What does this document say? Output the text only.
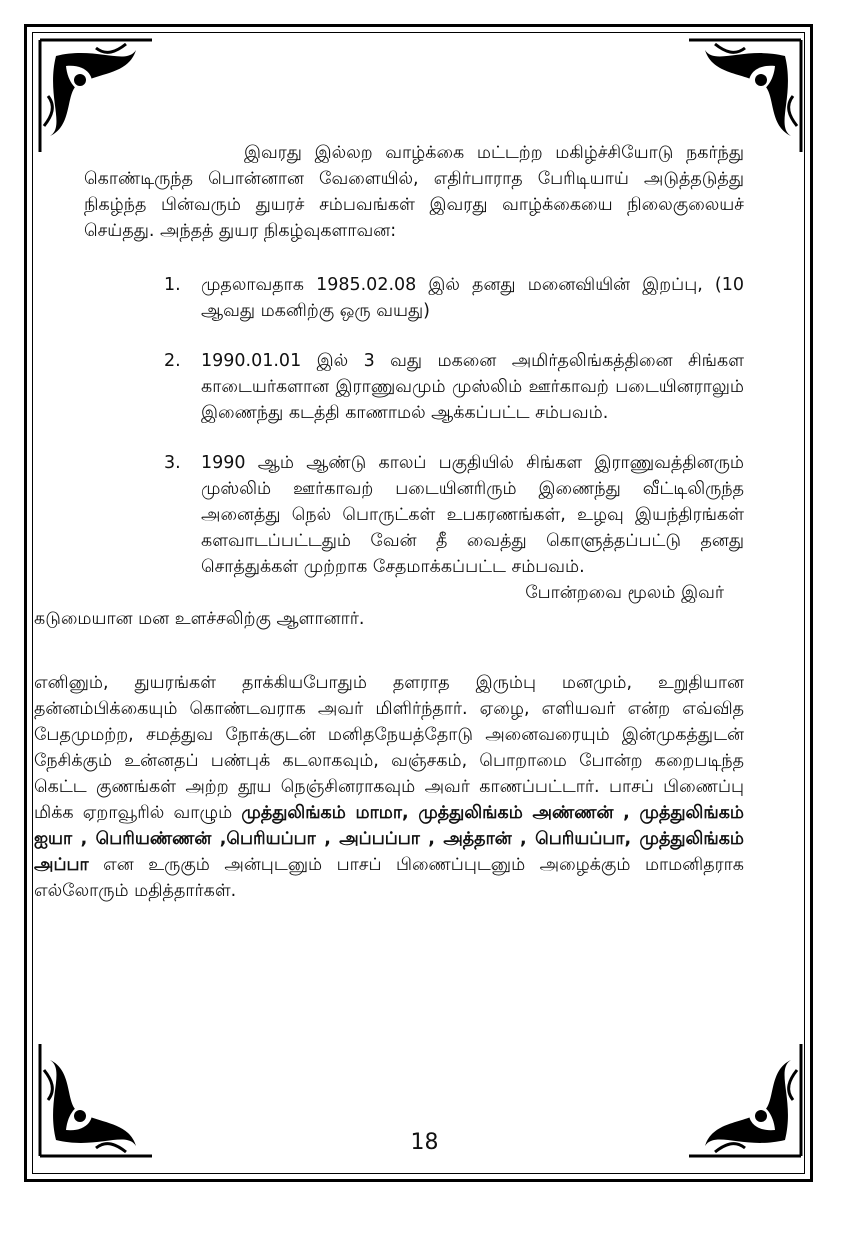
இவரது இல்லற வாழ்க்கை மட்டற்ற மகிழ்ச்சியோடு நகர்ந்து கொண்டிருந்த பொன்னான வேளையில், எதிர்பாராத பேரிடியாய் அடுத்தடுத்து நிகழ்ந்த பின்வரும் துயரச் சம்பவங்கள் இவரது வாழ்க்கையை நிலைகுலையச் செய்தது. அந்தத் துயர நிகழ்வுகளாவன:

1. முதலாவதாக 1985.02.08 இல் தனது மனைவியின் இறப்பு, (10 ஆவது மகனிற்கு ஒரு வயது)
2. 1990.01.01 இல் 3 வது மகனை அமிர்தலிங்கத்தினை சிங்கள காடையர்களான இராணுவமும் முஸ்லிம் ஊர்காவற் படையினராலும் இணைந்து கடத்தி காணாமல் ஆக்கப்பட்ட சம்பவம்.
3. 1990 ஆம் ஆண்டு காலப் பகுதியில் சிங்கள இராணுவத்தினரும் முஸ்லிம் ஊர்காவற் படையினரிரும் இணைந்து வீட்டிலிருந்த அனைத்து நெல் பொருட்கள் உபகரணங்கள், உழவு இயந்திரங்கள் களவாடப்பட்டதும் வேன் தீ வைத்து கொளுத்தப்பட்டு தனது சொத்துக்கள் முற்றாக சேதமாக்கப்பட்ட சம்பவம்.

போன்றவை மூலம் இவர்

கடுமையான மன உளச்சலிற்கு ஆளானார்.

எனினும், துயரங்கள் தாக்கியபோதும் தளராத இரும்பு மனமும், உறுதியான தன்னம்பிக்கையும் கொண்டவராக அவர் மிளிர்ந்தார். ஏழை, எளியவர் என்ற எவ்வித பேதமுமற்ற, சமத்துவ நோக்குடன் மனிதநேயத்தோடு அனைவரையும் இன்முகத்துடன் நேசிக்கும் உன்னதப் பண்புக் கடலாகவும், வஞ்சகம், பொறாமை போன்ற கறைபடிந்த கெட்ட குணங்கள் அற்ற தூய நெஞ்சினராகவும் அவர் காணப்பட்டார். பாசப் பிணைப்பு மிக்க ஏறாவூரில் வாழும் முத்துலிங்கம் மாமா, முத்துலிங்கம் அண்ணன் , முத்துலிங்கம் ஐயா , பெரியண்ணன் ,பெரியப்பா , அப்பப்பா , அத்தான் , பெரியப்பா, முத்துலிங்கம் அப்பா என உருகும் அன்புடனும் பாசப் பிணைப்புடனும் அழைக்கும் மாமனிதராக எல்லோரும் மதித்தார்கள்.

18
